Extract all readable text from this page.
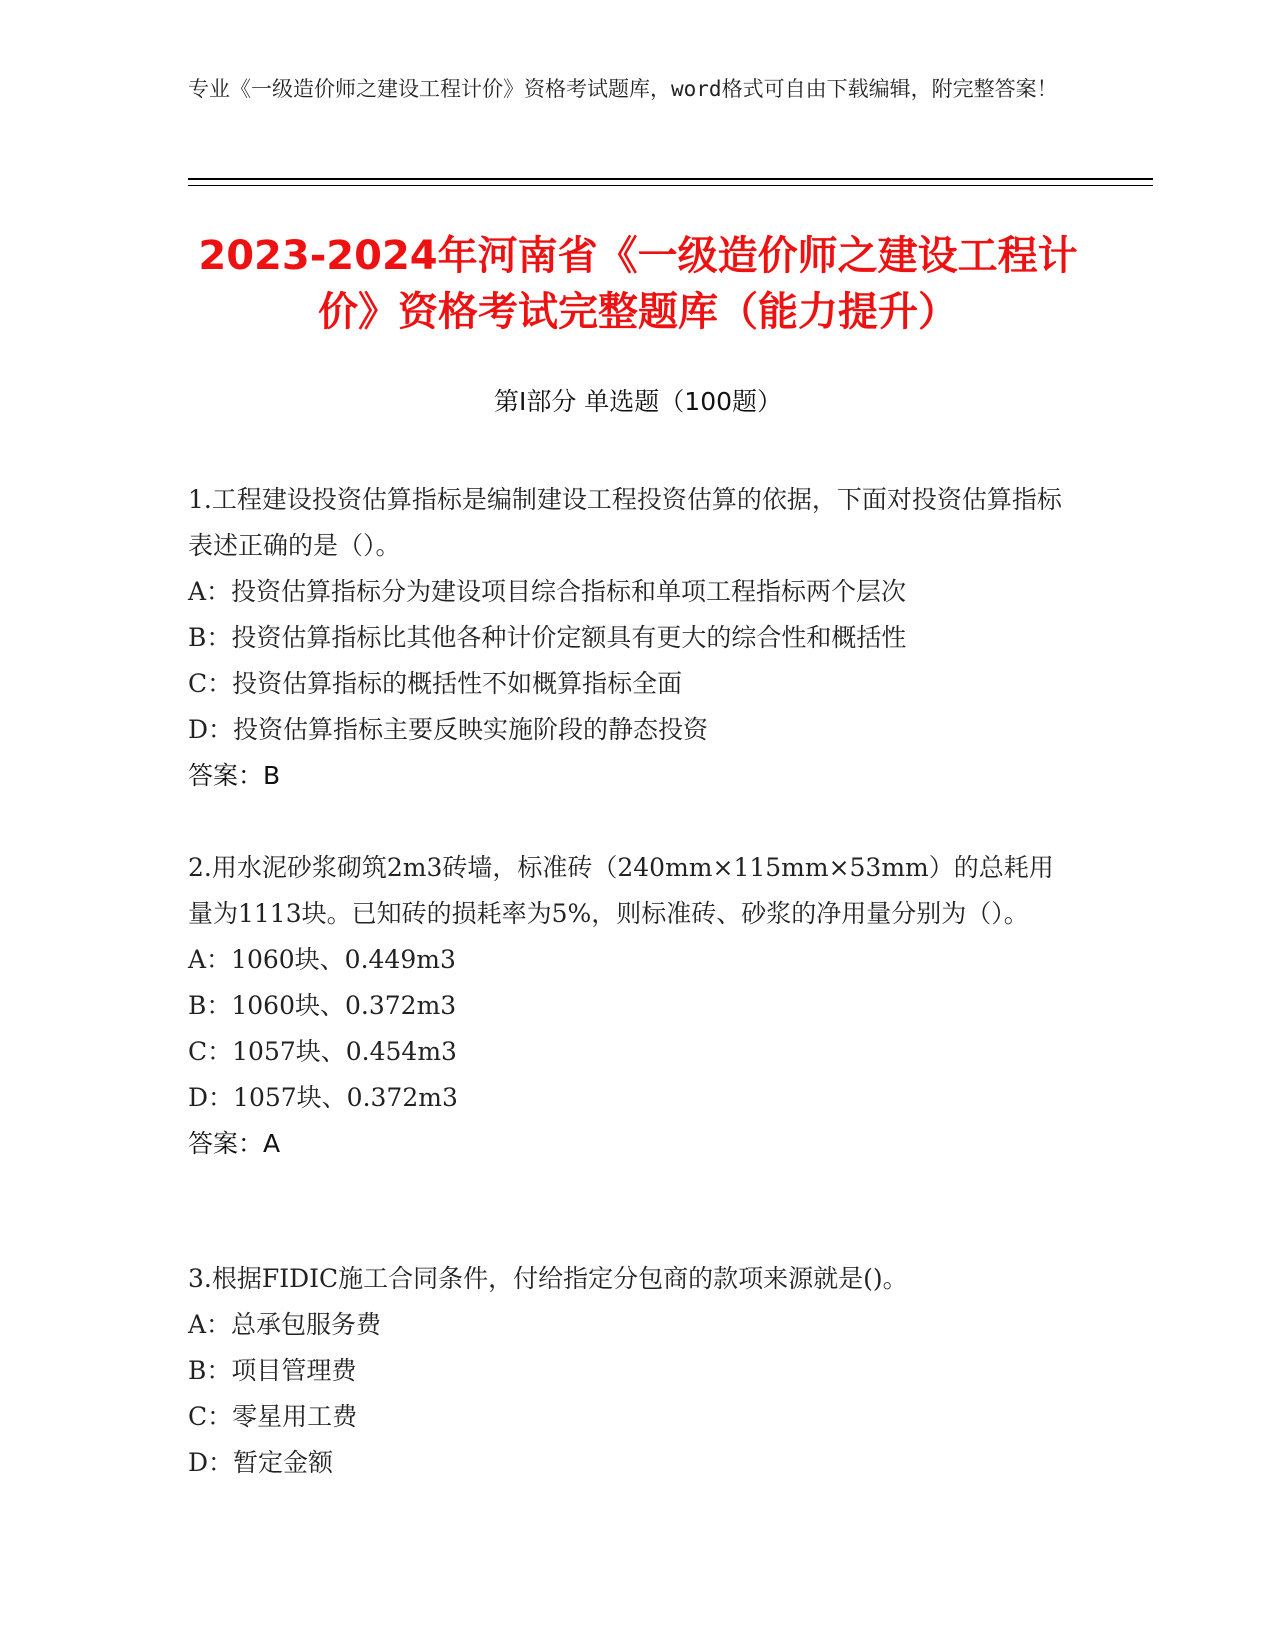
专业《一级造价师之建设工程计价》资格考试题库，word格式可自由下载编辑，附完整答案！
2023-2024年河南省《一级造价师之建设工程计价》资格考试完整题库（能力提升）
第Ⅰ部分 单选题（100题）

1.工程建设投资估算指标是编制建设工程投资估算的依据，下面对投资估算指标表述正确的是（）。

A：投资估算指标分为建设项目综合指标和单项工程指标两个层次

B：投资估算指标比其他各种计价定额具有更大的综合性和概括性

C：投资估算指标的概括性不如概算指标全面

D：投资估算指标主要反映实施阶段的静态投资

答案：B

2.用水泥砂浆砌筑2m3砖墙，标准砖（240mm×115mm×53mm）的总耗用量为1113块。已知砖的损耗率为5%，则标准砖、砂浆的净用量分别为（）。

A：1060块、0.449m3

B：1060块、0.372m3

C：1057块、0.454m3

D：1057块、0.372m3

答案：A

3.根据FIDIC施工合同条件，付给指定分包商的款项来源就是()。

A：总承包服务费

B：项目管理费

C：零星用工费

D：暂定金额
